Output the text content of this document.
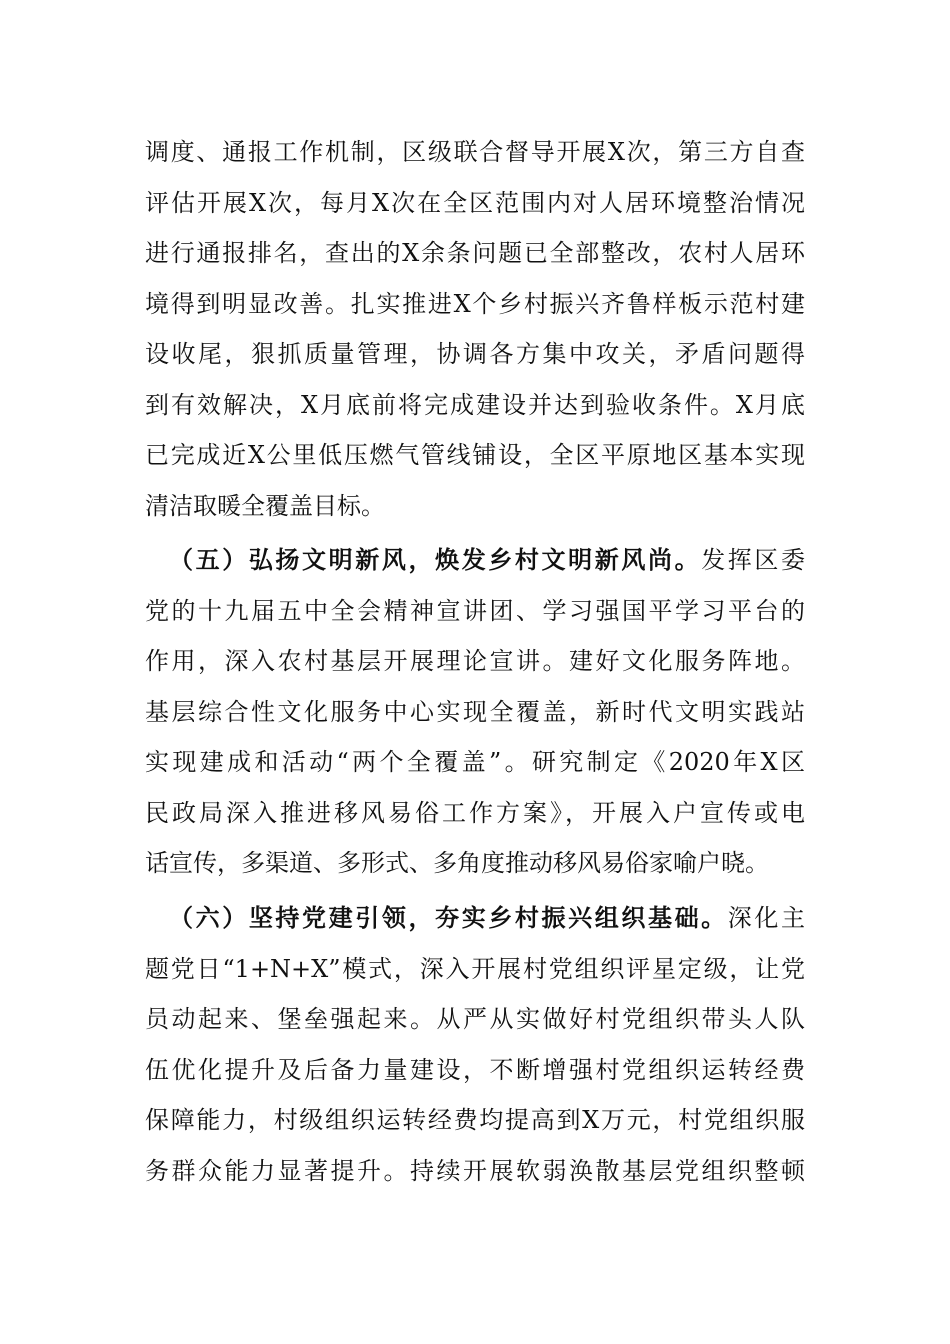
调度、通报工作机制，区级联合督导开展X次，第三方自查
评估开展X次，每月X次在全区范围内对人居环境整治情况
进行通报排名，查出的X余条问题已全部整改，农村人居环
境得到明显改善。扎实推进X个乡村振兴齐鲁样板示范村建
设收尾，狠抓质量管理，协调各方集中攻关，矛盾问题得
到有效解决，X月底前将完成建设并达到验收条件。X月底
已完成近X公里低压燃气管线铺设，全区平原地区基本实现
清洁取暖全覆盖目标。
（五）弘扬文明新风，焕发乡村文明新风尚。发挥区委
党的十九届五中全会精神宣讲团、学习强国平学习平台的
作用，深入农村基层开展理论宣讲。建好文化服务阵地。
基层综合性文化服务中心实现全覆盖，新时代文明实践站
实现建成和活动“两个全覆盖”。研究制定《2020年X区
民政局深入推进移风易俗工作方案》，开展入户宣传或电
话宣传，多渠道、多形式、多角度推动移风易俗家喻户晓。
（六）坚持党建引领，夯实乡村振兴组织基础。深化主
题党日“1+N+X”模式，深入开展村党组织评星定级，让党
员动起来、堡垒强起来。从严从实做好村党组织带头人队
伍优化提升及后备力量建设，不断增强村党组织运转经费
保障能力，村级组织运转经费均提高到X万元，村党组织服
务群众能力显著提升。持续开展软弱涣散基层党组织整顿
